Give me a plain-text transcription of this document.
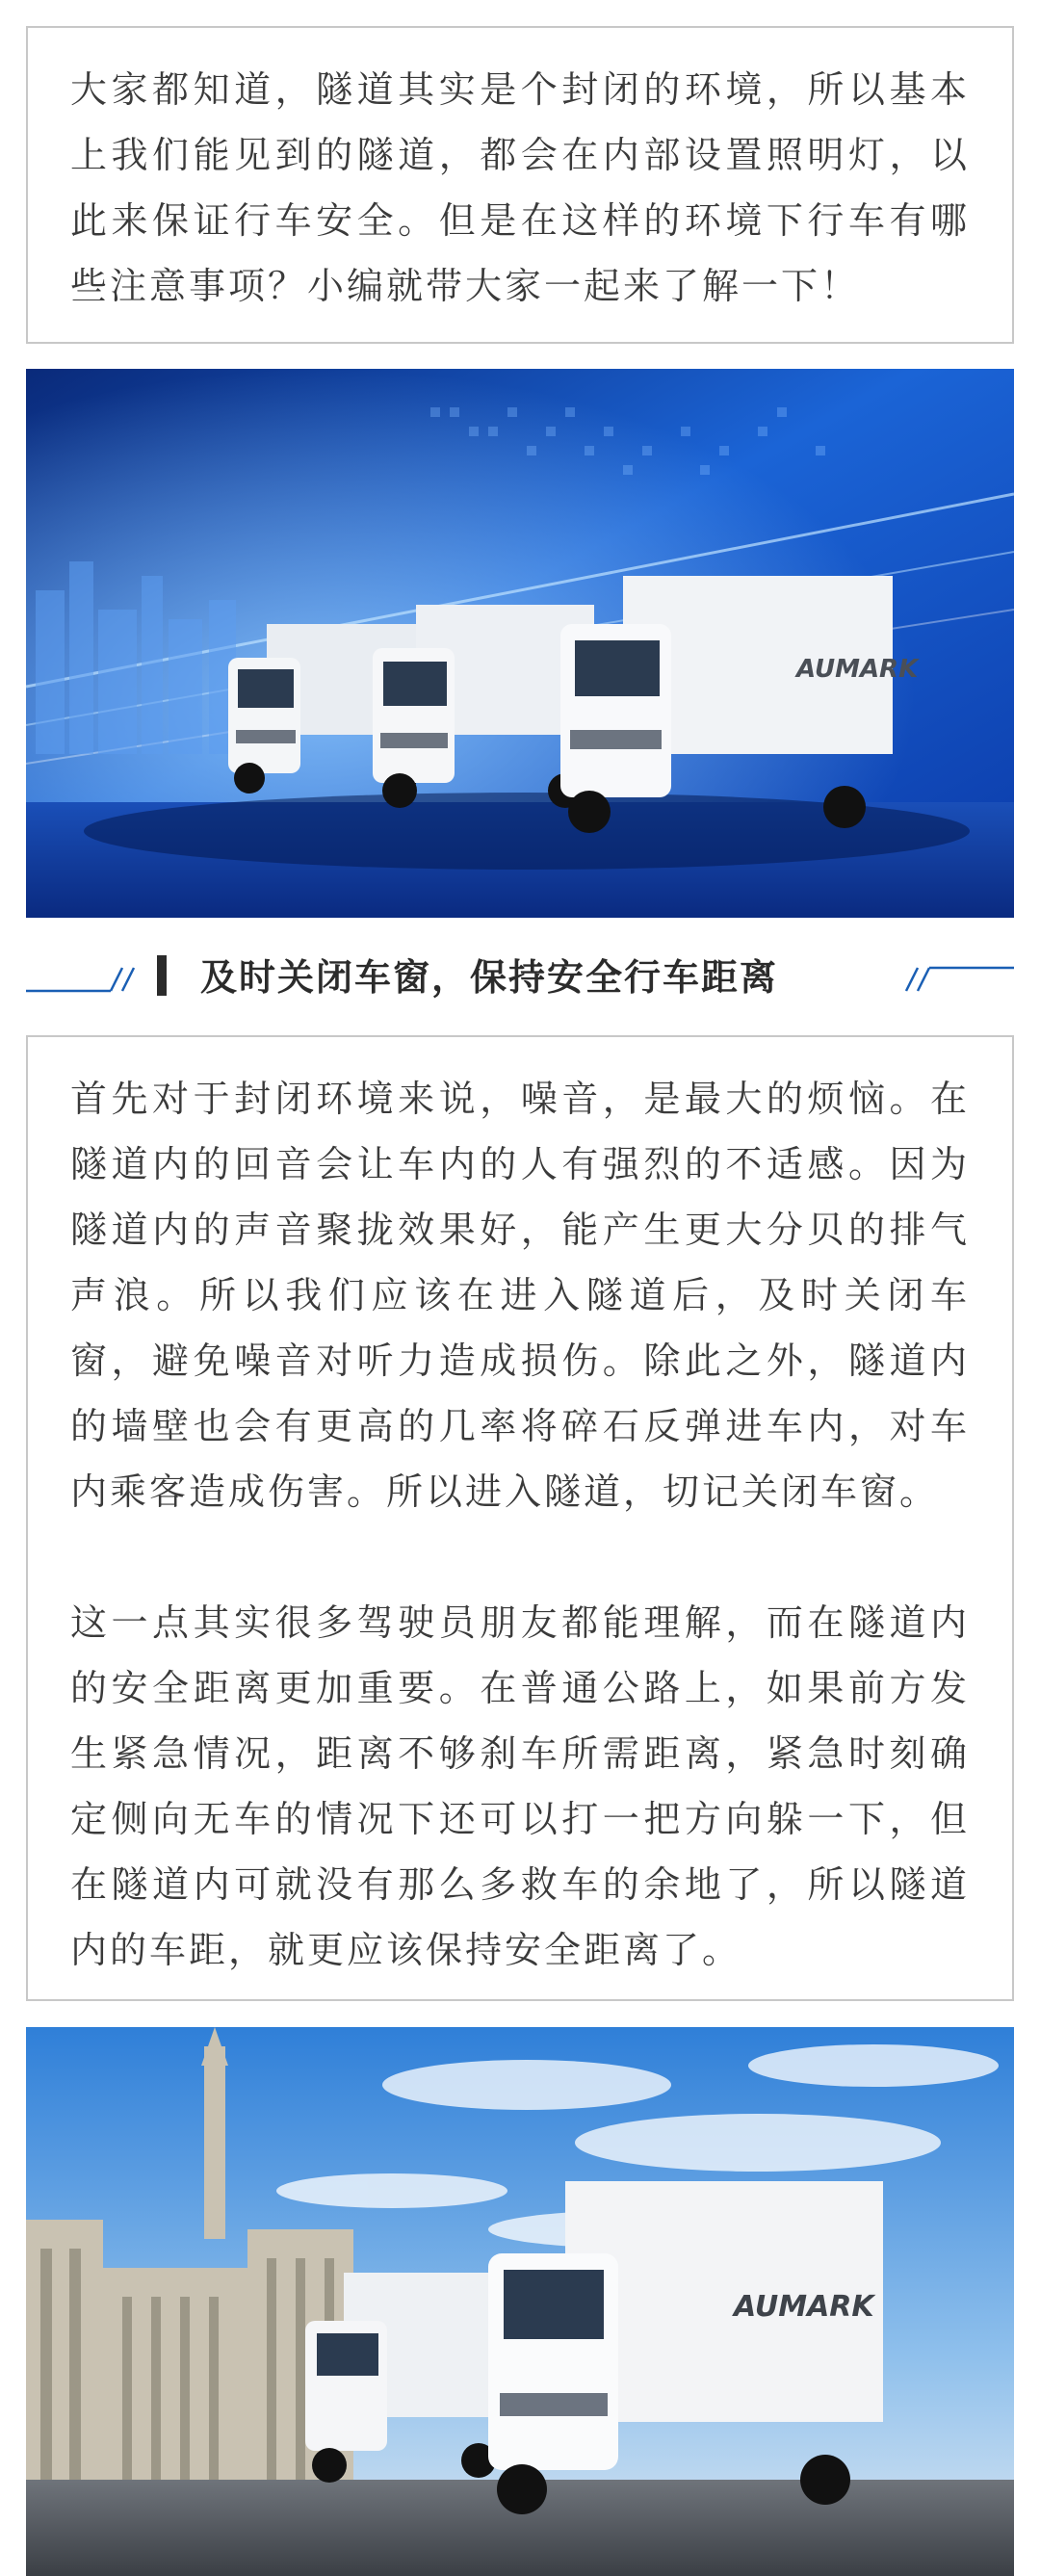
大家都知道，隧道其实是个封闭的环境，所以基本上我们能见到的隧道，都会在内部设置照明灯，以此来保证行车安全。但是在这样的环境下行车有哪些注意事项？小编就带大家一起来了解一下！

AUMARK
及时关闭车窗，保持安全行车距离

首先对于封闭环境来说，噪音，是最大的烦恼。在隧道内的回音会让车内的人有强烈的不适感。因为隧道内的声音聚拢效果好，能产生更大分贝的排气声浪。所以我们应该在进入隧道后，及时关闭车窗，避免噪音对听力造成损伤。除此之外，隧道内的墙壁也会有更高的几率将碎石反弹进车内，对车内乘客造成伤害。所以进入隧道，切记关闭车窗。

这一点其实很多驾驶员朋友都能理解，而在隧道内的安全距离更加重要。在普通公路上，如果前方发生紧急情况，距离不够刹车所需距离，紧急时刻确定侧向无车的情况下还可以打一把方向躲一下，但在隧道内可就没有那么多救车的余地了，所以隧道内的车距，就更应该保持安全距离了。

AUMARK
